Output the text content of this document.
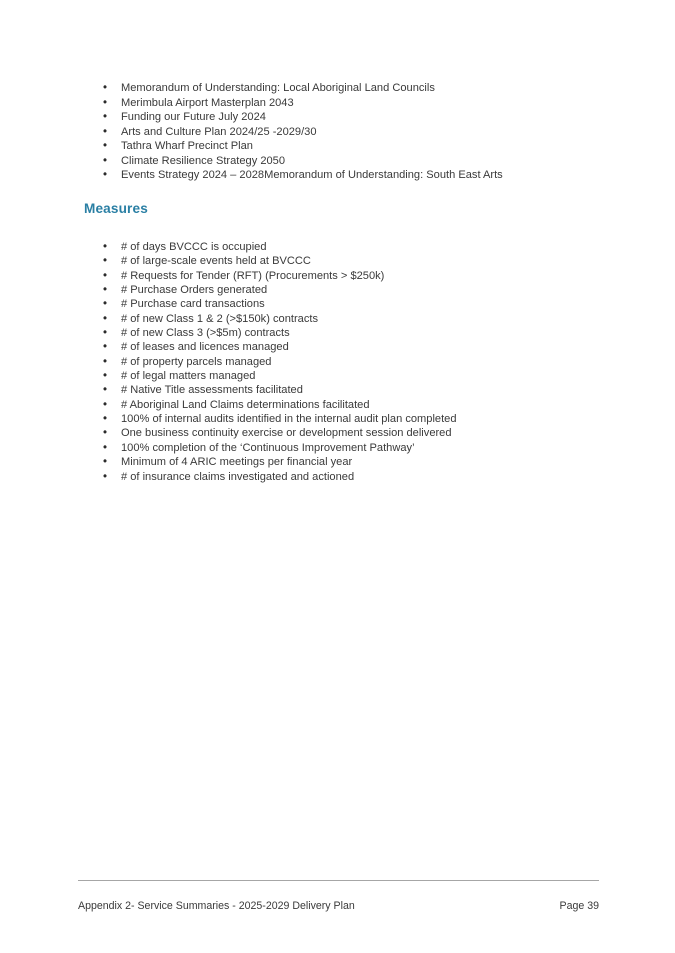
• Memorandum of Understanding: Local Aboriginal Land Councils
• Merimbula Airport Masterplan 2043
• Funding our Future July 2024
• Arts and Culture Plan 2024/25 -2029/30
• Tathra Wharf Precinct Plan
• Climate Resilience Strategy 2050
• Events Strategy 2024 – 2028Memorandum of Understanding: South East Arts
Measures
• # of days BVCCC is occupied
• # of large-scale events held at BVCCC
• # Requests for Tender (RFT) (Procurements > $250k)
• # Purchase Orders generated
• # Purchase card transactions
• # of new Class 1 & 2 (>$150k) contracts
• # of new Class 3 (>$5m) contracts
• # of leases and licences managed
• # of property parcels managed
• # of legal matters managed
• # Native Title assessments facilitated
• # Aboriginal Land Claims determinations facilitated
• 100% of internal audits identified in the internal audit plan completed
• One business continuity exercise or development session delivered
• 100% completion of the ‘Continuous Improvement Pathway’
• Minimum of 4 ARIC meetings per financial year
• # of insurance claims investigated and actioned
Appendix 2- Service Summaries - 2025-2029 Delivery Plan	Page 39
